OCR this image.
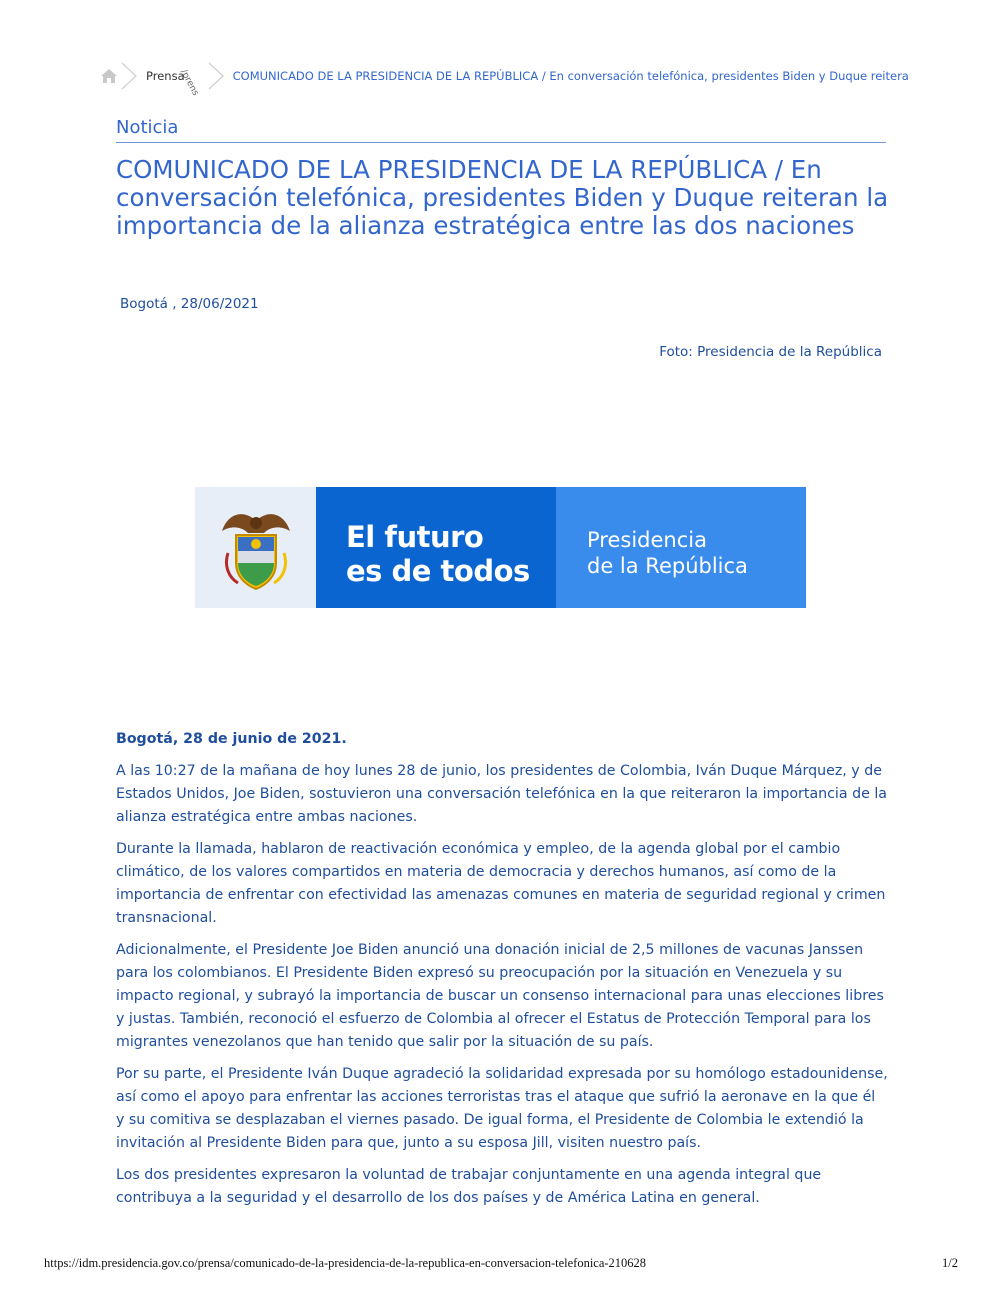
Prensa
/prens	COMUNICADO DE LA PRESIDENCIA DE LA REPÚBLICA / En conversación telefónica, presidentes Biden y Duque reitera
Noticia
COMUNICADO DE LA PRESIDENCIA DE LA REPÚBLICA / En conversación telefónica, presidentes Biden y Duque reiteran la importancia de la alianza estratégica entre las dos naciones
Bogotá , 28/06/2021
Foto: Presidencia de la República
El futuro
es de todos
Presidencia
de la República
Bogotá, 28 de junio de 2021.

A las 10:27 de la mañana de hoy lunes 28 de junio, los presidentes de Colombia, Iván Duque Márquez, y de Estados Unidos, Joe Biden, sostuvieron una conversación telefónica en la que reiteraron la importancia de la alianza estratégica entre ambas naciones.

Durante la llamada, hablaron de reactivación económica y empleo, de la agenda global por el cambio climático, de los valores compartidos en materia de democracia y derechos humanos, así como de la importancia de enfrentar con efectividad las amenazas comunes en materia de seguridad regional y crimen transnacional.

Adicionalmente, el Presidente Joe Biden anunció una donación inicial de 2,5 millones de vacunas Janssen para los colombianos. El Presidente Biden expresó su preocupación por la situación en Venezuela y su impacto regional, y subrayó la importancia de buscar un consenso internacional para unas elecciones libres y justas. También, reconoció el esfuerzo de Colombia al ofrecer el Estatus de Protección Temporal para los migrantes venezolanos que han tenido que salir por la situación de su país.

Por su parte, el Presidente Iván Duque agradeció la solidaridad expresada por su homólogo estadounidense, así como el apoyo para enfrentar las acciones terroristas tras el ataque que sufrió la aeronave en la que él y su comitiva se desplazaban el viernes pasado. De igual forma, el Presidente de Colombia le extendió la invitación al Presidente Biden para que, junto a su esposa Jill, visiten nuestro país.

Los dos presidentes expresaron la voluntad de trabajar conjuntamente en una agenda integral que contribuya a la seguridad y el desarrollo de los dos países y de América Latina en general.

https://idm.presidencia.gov.co/prensa/comunicado-de-la-presidencia-de-la-republica-en-conversacion-telefonica-210628	1/2
